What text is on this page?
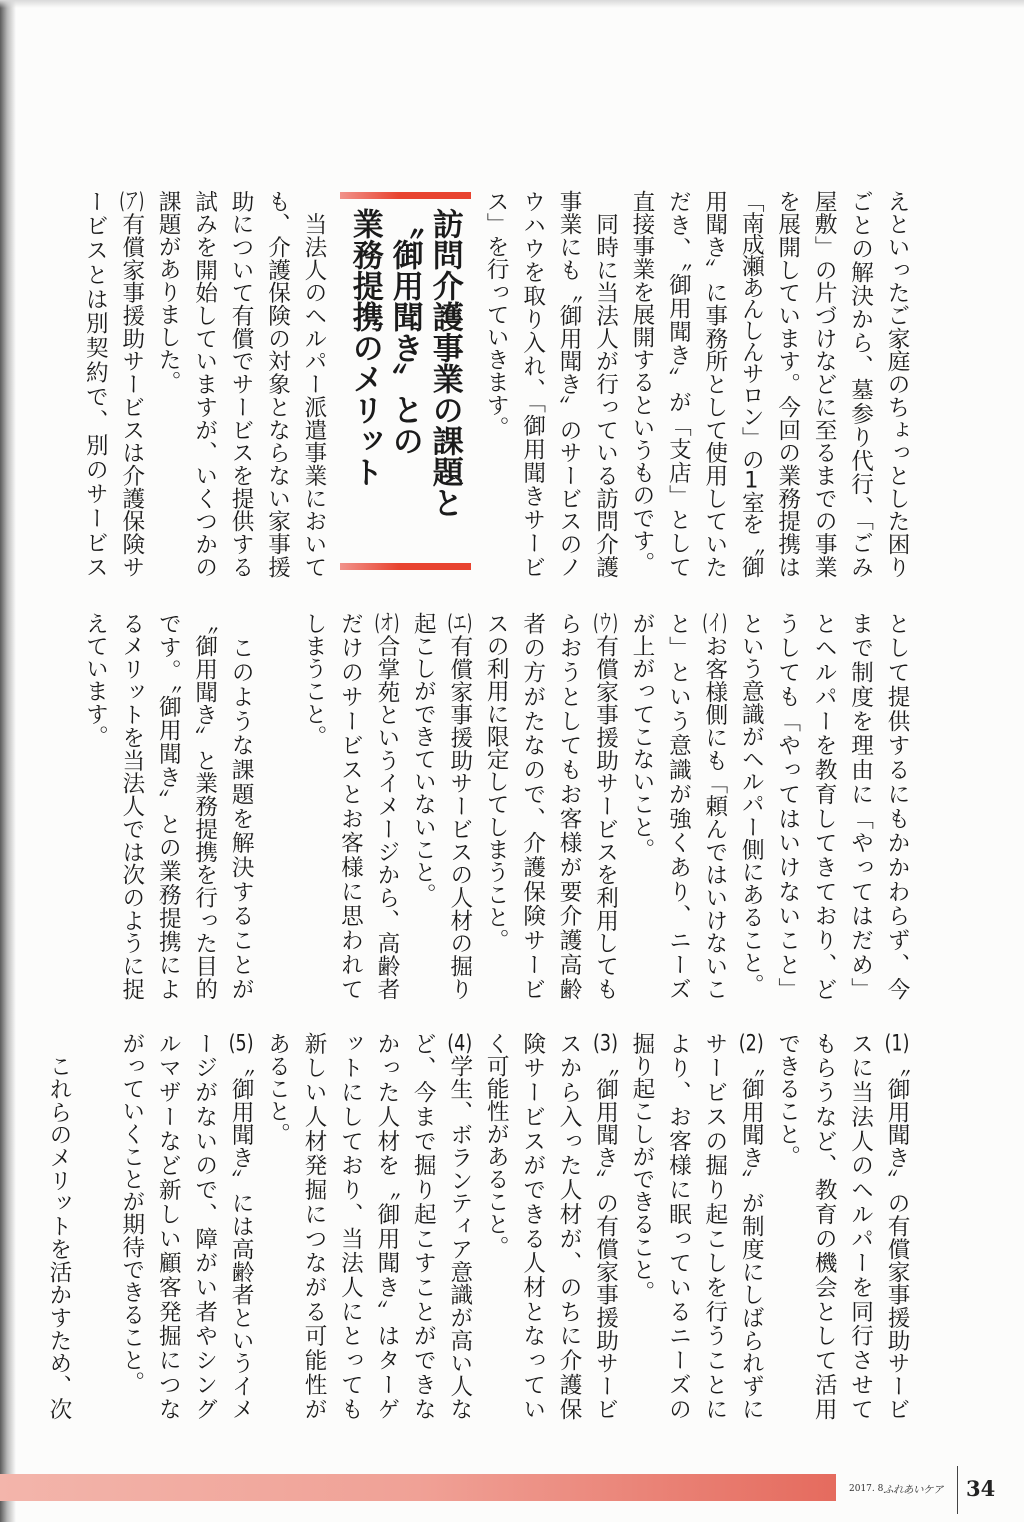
えといったご家庭のちょっとした困り
ごとの解決から、墓参り代行、「ごみ
屋敷」の片づけなどに至るまでの事業
を展開しています。今回の業務提携は
「南成瀬あんしんサロン」の1室を〝御
用聞き〟に事務所として使用していた
だき、〝御用聞き〟が「支店」として
直接事業を展開するというものです。
　同時に当法人が行っている訪問介護
事業にも〝御用聞き〟のサービスのノ
ウハウを取り入れ、「御用聞きサービ
ス」を行っていきます。
訪問介護事業の課題と
〝御用聞き〟との
業務提携のメリット
　当法人のヘルパー派遣事業において
も、介護保険の対象とならない家事援
助について有償でサービスを提供する
試みを開始していますが、いくつかの
課題がありました。
(ア)有償家事援助サービスは介護保険サ
ービスとは別契約で、別のサービス
として提供するにもかかわらず、今
まで制度を理由に「やってはだめ」
とヘルパーを教育してきており、ど
うしても「やってはいけないこと」
という意識がヘルパー側にあること。
(イ)お客様側にも「頼んではいけないこ
と」という意識が強くあり、ニーズ
が上がってこないこと。
(ウ)有償家事援助サービスを利用しても
らおうとしてもお客様が要介護高齢
者の方がたなので、介護保険サービ
スの利用に限定してしまうこと。
(エ)有償家事援助サービスの人材の掘り
起こしができていないこと。
(オ)合掌苑というイメージから、高齢者
だけのサービスとお客様に思われて
しまうこと。
　このような課題を解決することが
〝御用聞き〟と業務提携を行った目的
です。〝御用聞き〟との業務提携によ
るメリットを当法人では次のように捉
えています。
(1)〝御用聞き〟の有償家事援助サービ
スに当法人のヘルパーを同行させて
もらうなど、教育の機会として活用
できること。
(2)〝御用聞き〟が制度にしばられずに
サービスの掘り起こしを行うことに
より、お客様に眠っているニーズの
掘り起こしができること。
(3)〝御用聞き〟の有償家事援助サービ
スから入った人材が、のちに介護保
険サービスができる人材となってい
く可能性があること。
(4)学生、ボランティア意識が高い人な
ど、今まで掘り起こすことができな
かった人材を〝御用聞き〟はターゲ
ットにしており、当法人にとっても
新しい人材発掘につながる可能性が
あること。
(5)〝御用聞き〟には高齢者というイメ
ージがないので、障がい者やシング
ルマザーなど新しい顧客発掘につな
がっていくことが期待できること。
　これらのメリットを活かすため、次
2017. 8 ふれあいケア 34
